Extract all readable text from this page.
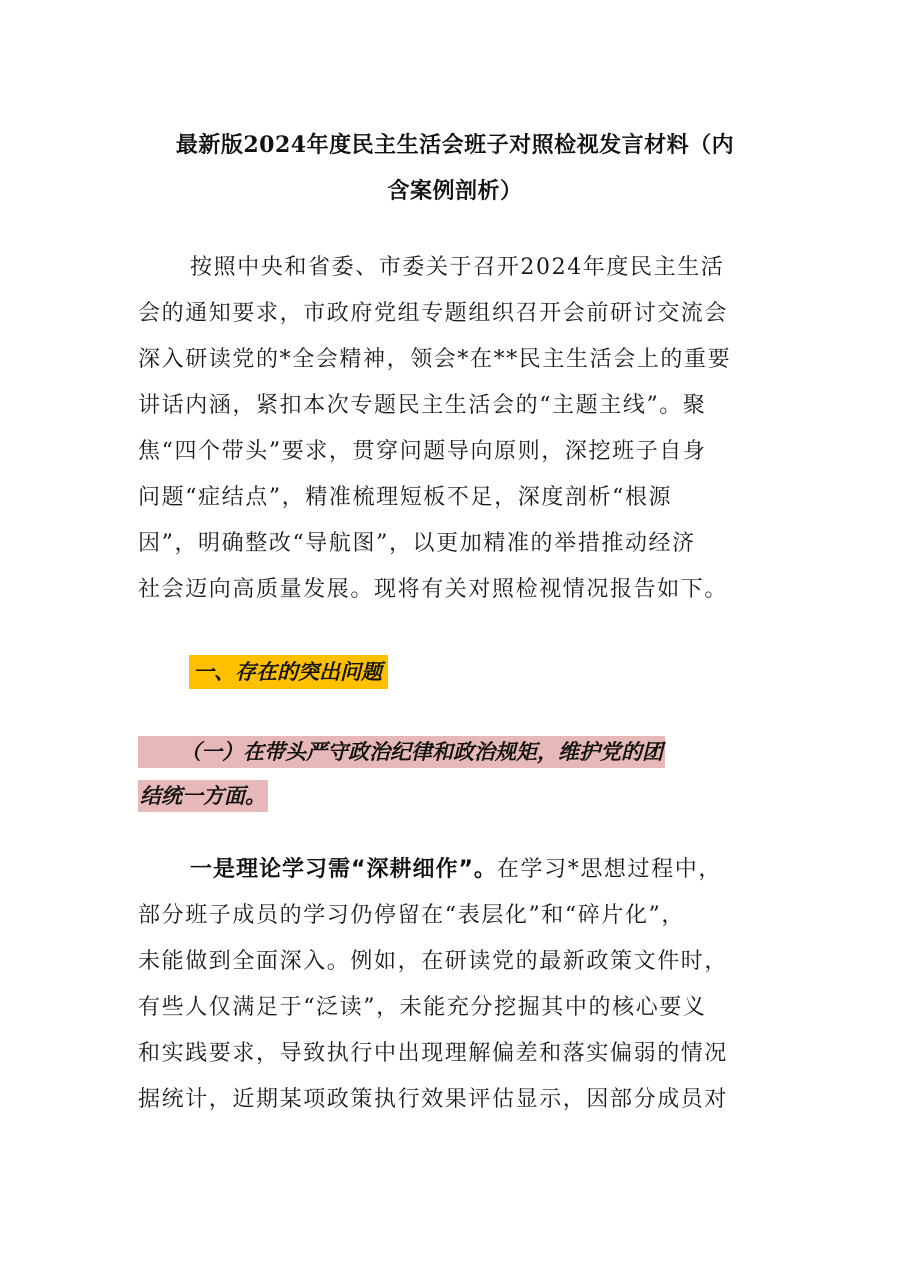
最新版2024年度民主生活会班子对照检视发言材料（内
含案例剖析）
按照中央和省委、市委关于召开2024年度民主生活
会的通知要求，市政府党组专题组织召开会前研讨交流会
深入研读党的*全会精神，领会*在**民主生活会上的重要
讲话内涵，紧扣本次专题民主生活会的“主题主线”。聚
焦“四个带头”要求，贯穿问题导向原则，深挖班子自身
问题“症结点”，精准梳理短板不足，深度剖析“根源
因”，明确整改“导航图”，以更加精准的举措推动经济
社会迈向高质量发展。现将有关对照检视情况报告如下。
一、存在的突出问题
（一）在带头严守政治纪律和政治规矩，维护党的团
结统一方面。
一是理论学习需“深耕细作”。在学习*思想过程中，
部分班子成员的学习仍停留在“表层化”和“碎片化”，
未能做到全面深入。例如，在研读党的最新政策文件时，
有些人仅满足于“泛读”，未能充分挖掘其中的核心要义
和实践要求，导致执行中出现理解偏差和落实偏弱的情况
据统计，近期某项政策执行效果评估显示，因部分成员对
